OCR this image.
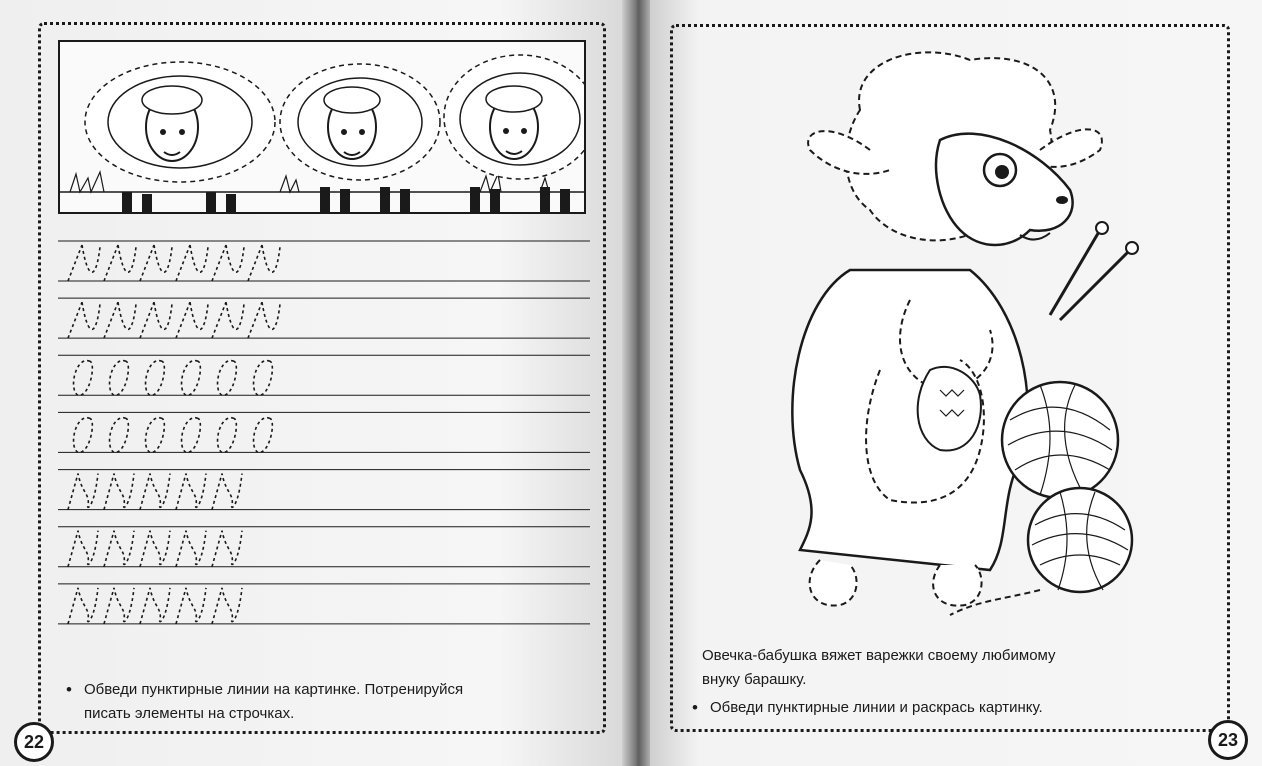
• Обведи пунктирные линии на картинке. Потренируйся
писать элементы на строчках.
22
Овечка-бабушка вяжет варежки своему любимому
внуку барашку.
• Обведи пунктирные линии и раскрась картинку.
23
